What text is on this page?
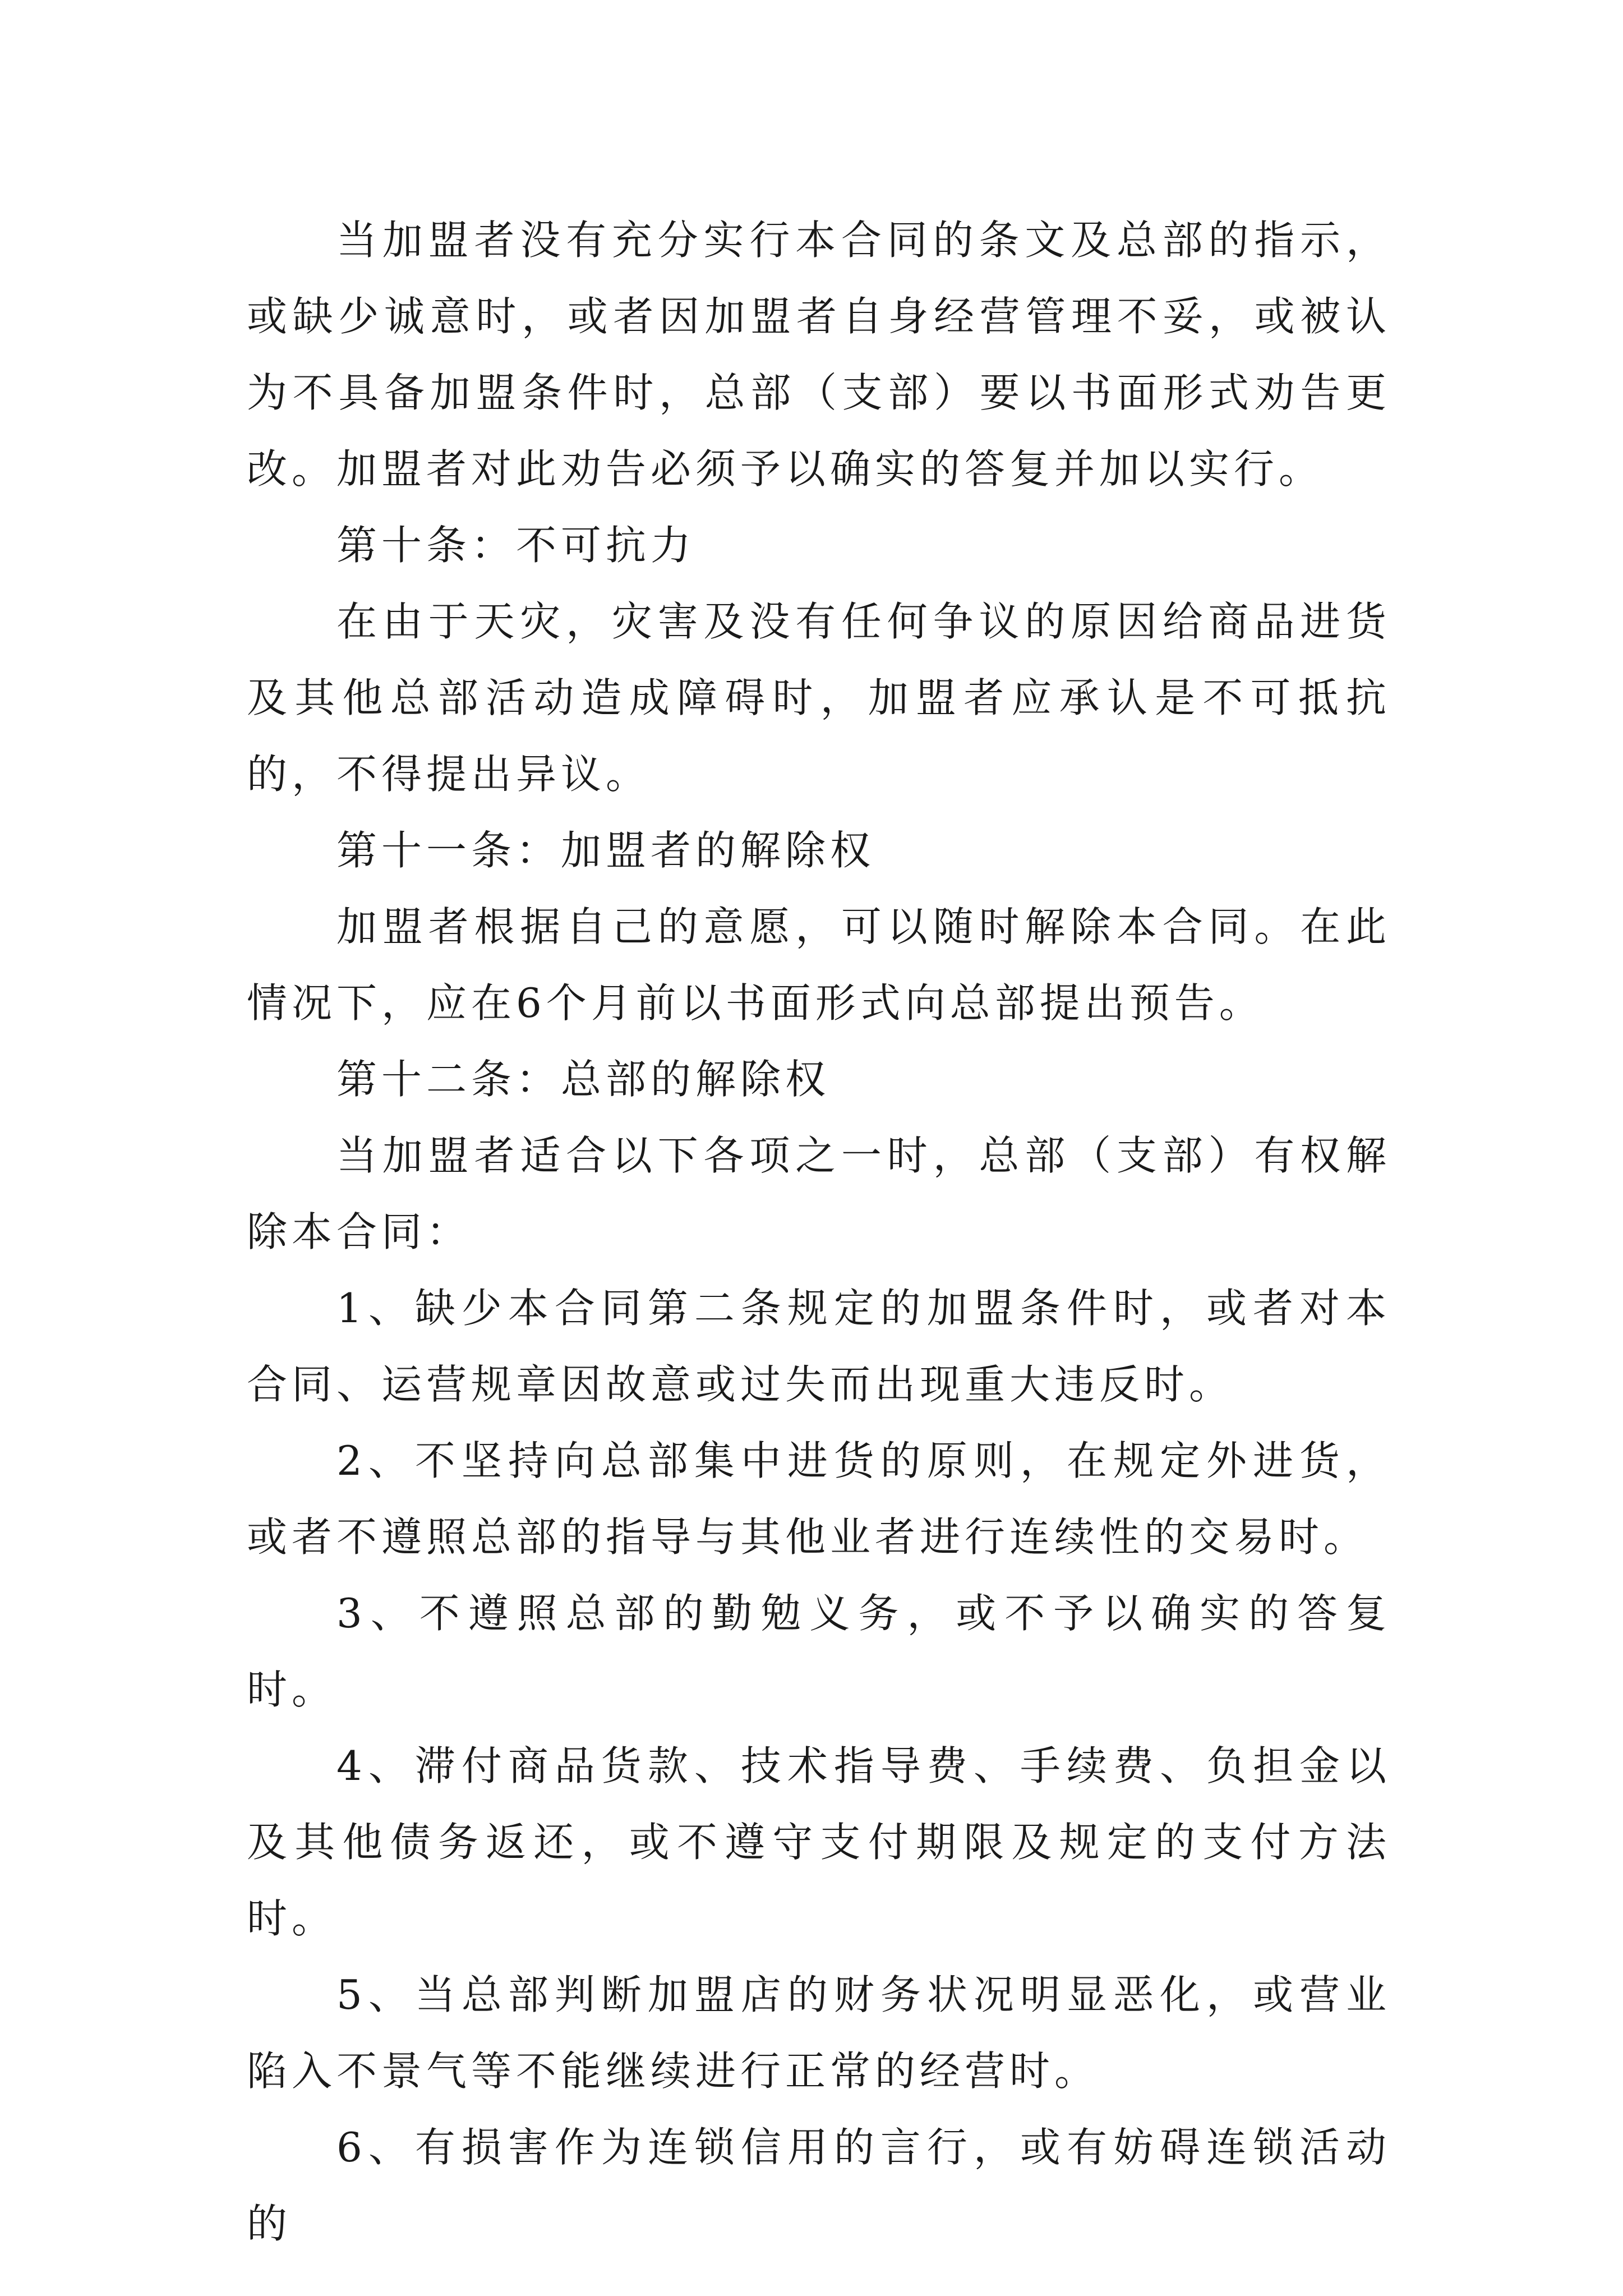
当加盟者没有充分实行本合同的条文及总部的指示，或缺少诚意时，或者因加盟者自身经营管理不妥，或被认为不具备加盟条件时，总部（支部）要以书面形式劝告更改。加盟者对此劝告必须予以确实的答复并加以实行。

第十条：不可抗力

在由于天灾，灾害及没有任何争议的原因给商品进货及其他总部活动造成障碍时，加盟者应承认是不可抵抗的，不得提出异议。

第十一条：加盟者的解除权

加盟者根据自己的意愿，可以随时解除本合同。在此情况下，应在6个月前以书面形式向总部提出预告。

第十二条：总部的解除权

当加盟者适合以下各项之一时，总部（支部）有权解除本合同：

1、缺少本合同第二条规定的加盟条件时，或者对本合同、运营规章因故意或过失而出现重大违反时。

2、不坚持向总部集中进货的原则，在规定外进货，或者不遵照总部的指导与其他业者进行连续性的交易时。

3、不遵照总部的勤勉义务，或不予以确实的答复时。

4、滞付商品货款、技术指导费、手续费、负担金以及其他债务返还，或不遵守支付期限及规定的支付方法时。

5、当总部判断加盟店的财务状况明显恶化，或营业陷入不景气等不能继续进行正常的经营时。

6、有损害作为连锁信用的言行，或有妨碍连锁活动的
